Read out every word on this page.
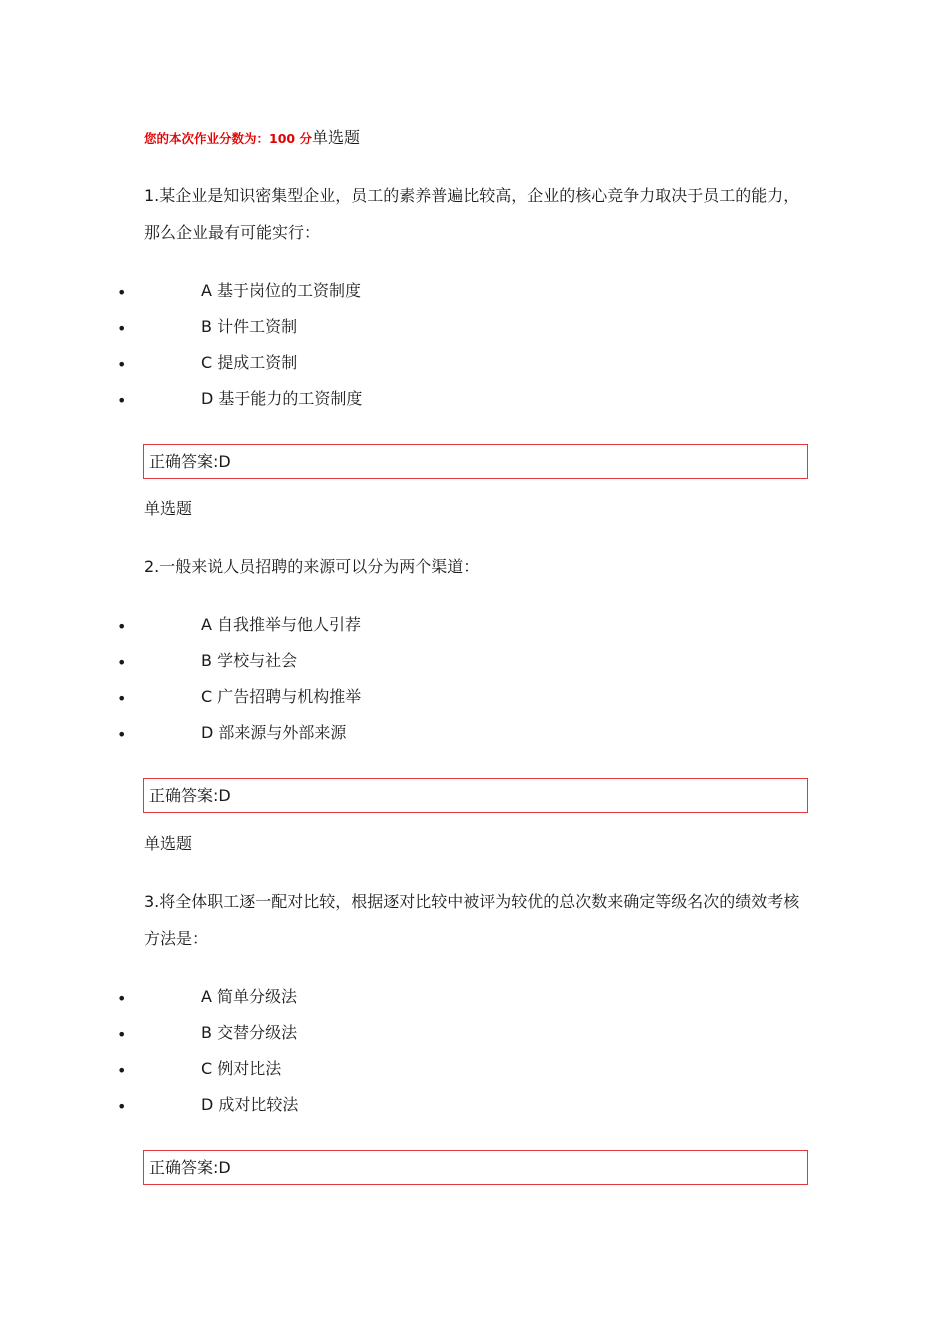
您的本次作业分数为：100 分单选题
1.某企业是知识密集型企业，员工的素养普遍比较高，企业的核心竞争力取决于员工的能力，那么企业最有可能实行：
•	A 基于岗位的工资制度
•	B 计件工资制
•	C 提成工资制
•	D 基于能力的工资制度
正确答案:D
单选题
2.一般来说人员招聘的来源可以分为两个渠道：
•	A 自我推举与他人引荐
•	B 学校与社会
•	C 广告招聘与机构推举
•	D 部来源与外部来源
正确答案:D
单选题
3.将全体职工逐一配对比较，根据逐对比较中被评为较优的总次数来确定等级名次的绩效考核方法是：
•	A 简单分级法
•	B 交替分级法
•	C 例对比法
•	D 成对比较法
正确答案:D
